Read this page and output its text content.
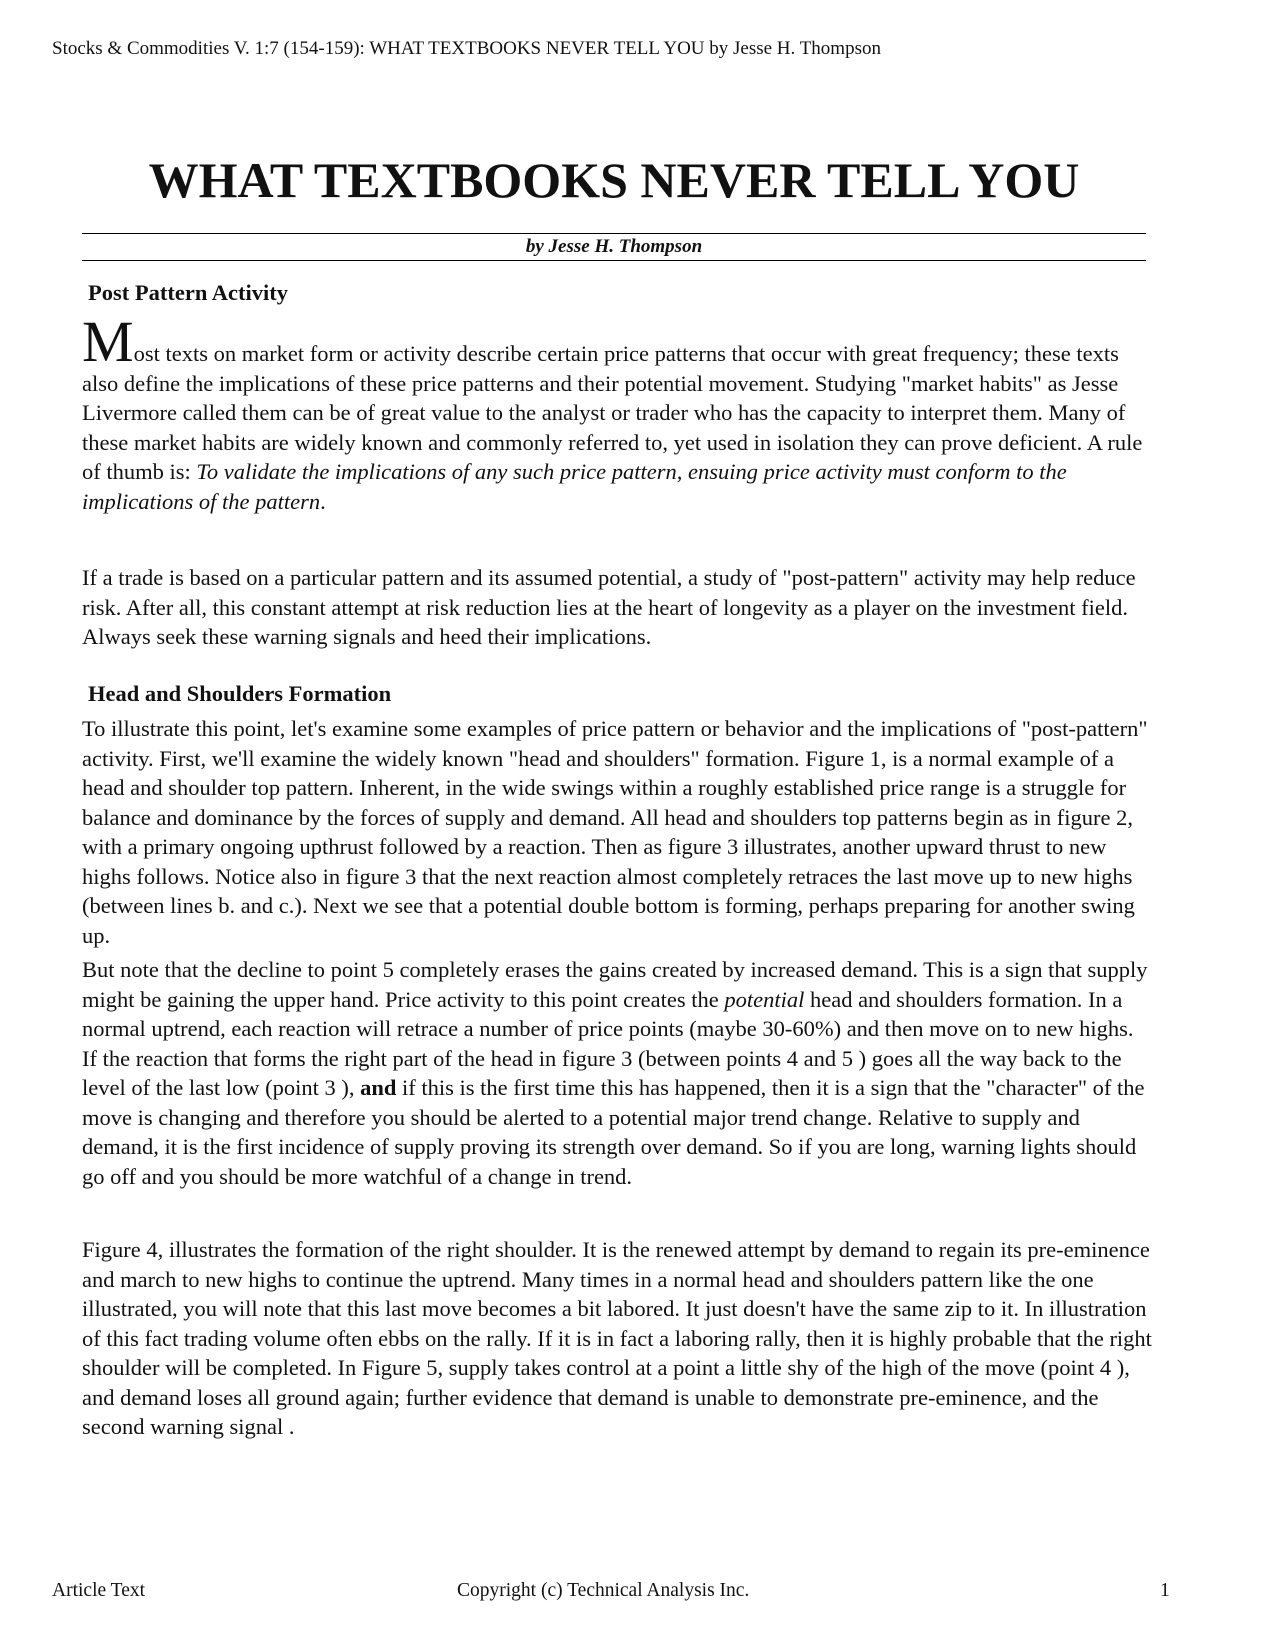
Stocks & Commodities V. 1:7 (154-159): WHAT TEXTBOOKS NEVER TELL YOU by Jesse H. Thompson
WHAT TEXTBOOKS NEVER TELL YOU
by Jesse H. Thompson
Post Pattern Activity

Most texts on market form or activity describe certain price patterns that occur with great frequency; these texts also define the implications of these price patterns and their potential movement. Studying "market habits" as Jesse Livermore called them can be of great value to the analyst or trader who has the capacity to interpret them. Many of these market habits are widely known and commonly referred to, yet used in isolation they can prove deficient. A rule of thumb is: To validate the implications of any such price pattern, ensuing price activity must conform to the implications of the pattern.

If a trade is based on a particular pattern and its assumed potential, a study of "post-pattern" activity may help reduce risk. After all, this constant attempt at risk reduction lies at the heart of longevity as a player on the investment field. Always seek these warning signals and heed their implications.

Head and Shoulders Formation

To illustrate this point, let's examine some examples of price pattern or behavior and the implications of "post-pattern" activity. First, we'll examine the widely known "head and shoulders" formation. Figure 1, is a normal example of a head and shoulder top pattern. Inherent, in the wide swings within a roughly established price range is a struggle for balance and dominance by the forces of supply and demand. All head and shoulders top patterns begin as in figure 2, with a primary ongoing upthrust followed by a reaction. Then as figure 3 illustrates, another upward thrust to new highs follows. Notice also in figure 3 that the next reaction almost completely retraces the last move up to new highs (between lines b. and c.). Next we see that a potential double bottom is forming, perhaps preparing for another swing up.

But note that the decline to point 5 completely erases the gains created by increased demand. This is a sign that supply might be gaining the upper hand. Price activity to this point creates the potential head and shoulders formation. In a normal uptrend, each reaction will retrace a number of price points (maybe 30-60%) and then move on to new highs. If the reaction that forms the right part of the head in figure 3 (between points 4 and 5 ) goes all the way back to the level of the last low (point 3 ), and if this is the first time this has happened, then it is a sign that the "character" of the move is changing and therefore you should be alerted to a potential major trend change. Relative to supply and demand, it is the first incidence of supply proving its strength over demand. So if you are long, warning lights should go off and you should be more watchful of a change in trend.

Figure 4, illustrates the formation of the right shoulder. It is the renewed attempt by demand to regain its pre-eminence and march to new highs to continue the uptrend. Many times in a normal head and shoulders pattern like the one illustrated, you will note that this last move becomes a bit labored. It just doesn't have the same zip to it. In illustration of this fact trading volume often ebbs on the rally. If it is in fact a laboring rally, then it is highly probable that the right shoulder will be completed. In Figure 5, supply takes control at a point a little shy of the high of the move (point 4 ), and demand loses all ground again; further evidence that demand is unable to demonstrate pre-eminence, and the second warning signal .

Article Text	Copyright (c) Technical Analysis Inc.	1
